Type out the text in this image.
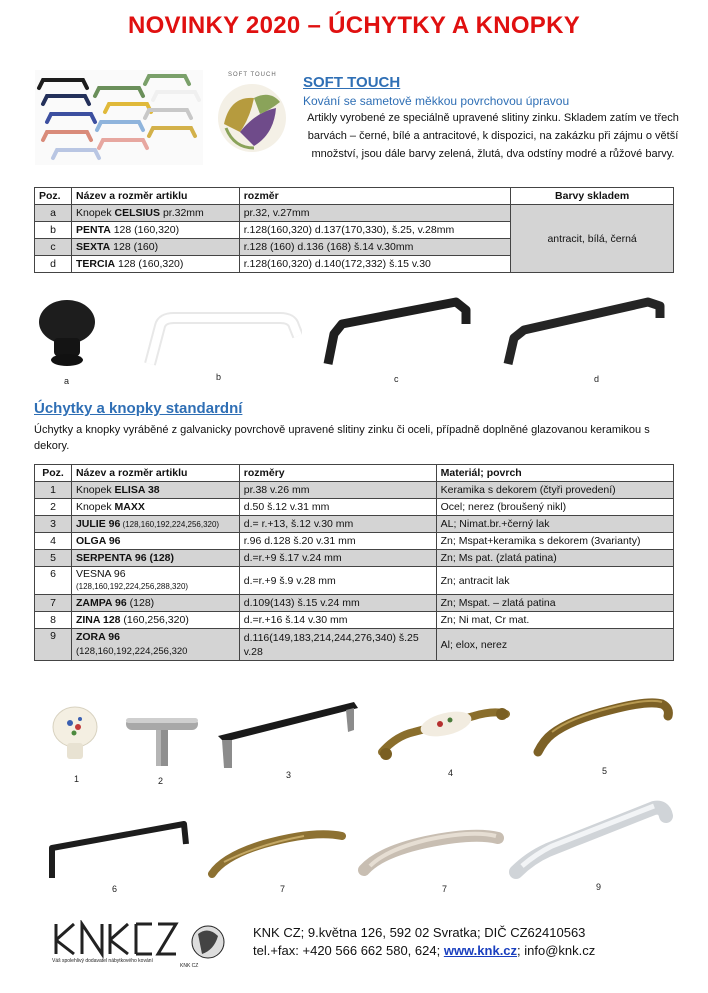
NOVINKY 2020 – ÚCHYTKY A KNOPKY
SOFT TOUCH SOFT TOUCH
Kování se sametově měkkou povrchovou úpravou
Artikly vyrobené ze speciálně upravené slitiny zinku. Skladem zatím ve třech barvách – černé, bílé a antracitové, k dispozici, na zakázku při zájmu o větší množství, jsou dále barvy zelená, žlutá, dva odstíny modré a růžové barvy.
Poz.	Název a rozměr artiklu	rozměr	Barvy skladem
a	Knopek CELSIUS pr.32mm	pr.32, v.27mm	antracit, bílá, černá
b	PENTA 128 (160,320)	r.128(160,320) d.137(170,330), š.25, v.28mm	
c	SEXTA 128 (160)	r.128 (160) d.136 (168) š.14 v.30mm	
d	TERCIA 128 (160,320)	r.128(160,320) d.140(172,332) š.15 v.30	
a	b	c	d
Úchytky a knopky standardní
Úchytky a knopky vyráběné z galvanicky povrchově upravené slitiny zinku či oceli, případně doplněné glazovanou keramikou s dekory.
Poz.	Název a rozměr artiklu	rozměry	Materiál; povrch
1	Knopek ELISA 38	pr.38 v.26 mm	Keramika s dekorem (čtyři provedení)
2	Knopek MAXX	d.50 š.12 v.31 mm	Ocel; nerez (broušený nikl)
3	JULIE 96 (128,160,192,224,256,320)	d.= r.+13, š.12 v.30 mm	AL; Nimat.br.+černý lak
4	OLGA 96	r.96 d.128 š.20 v.31 mm	Zn; Mspat+keramika s dekorem (3varianty)
5	SERPENTA 96 (128)	d.=r.+9 š.17 v.24 mm	Zn; Ms pat. (zlatá patina)
6	VESNA 96
(128,160,192,224,256,288,320)	d.=r.+9 š.9 v.28 mm	Zn; antracit lak
7	ZAMPA 96 (128)	d.109(143) š.15 v.24 mm	Zn; Mspat. – zlatá patina
8	ZINA 128 (160,256,320)	d.=r.+16 š.14 v.30 mm	Zn; Ni mat, Cr mat.
9	ZORA 96
(128,160,192,224,256,320	d.116(149,183,214,244,276,340) š.25 v.28	Al; elox, nerez
1	2
3	4	5
6	7	7	9
KNK CZ
Váš spolehlivý dodavatel nábytkového kování
KNK CZ; 9.května 126, 592 02 Svratka; DIČ CZ62410563
tel.+fax: +420 566 662 580, 624; www.knk.cz; info@knk.cz
